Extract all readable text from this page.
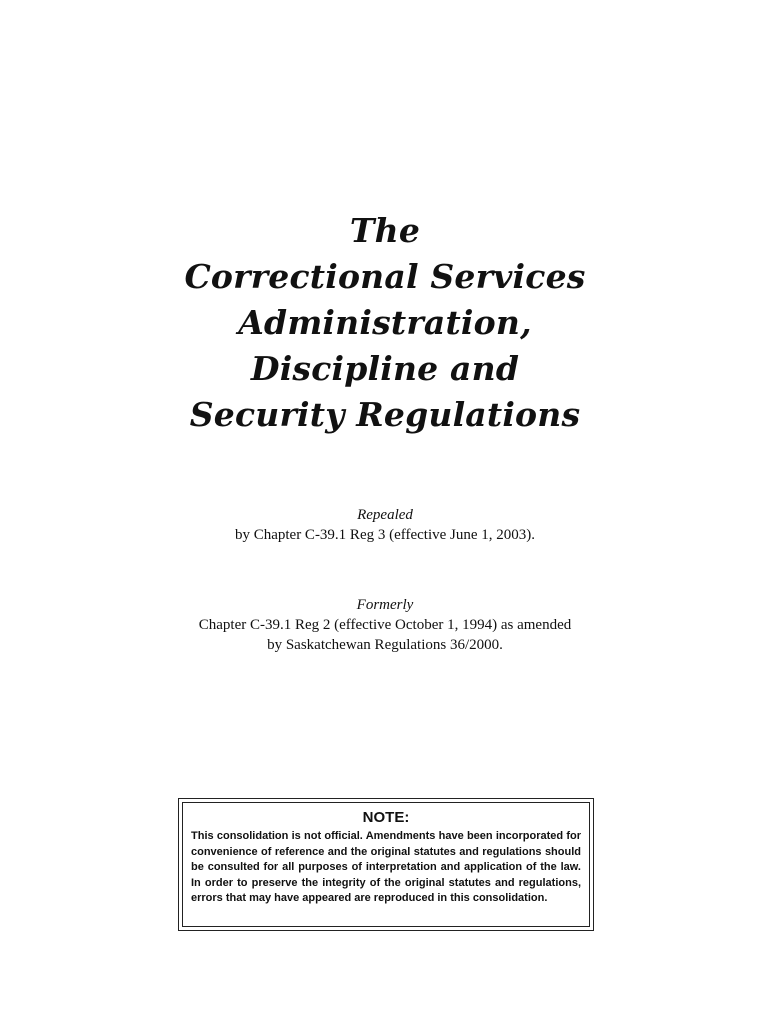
The
Correctional Services
Administration,
Discipline and
Security Regulations
Repealed
by Chapter C-39.1 Reg 3 (effective June 1, 2003).
Formerly
Chapter C-39.1 Reg 2 (effective October 1, 1994) as amended
by Saskatchewan Regulations 36/2000.
NOTE:
This consolidation is not official. Amendments have been incorporated for convenience of reference and the original statutes and regulations should be consulted for all purposes of interpretation and application of the law. In order to preserve the integrity of the original statutes and regulations, errors that may have appeared are reproduced in this consolidation.
